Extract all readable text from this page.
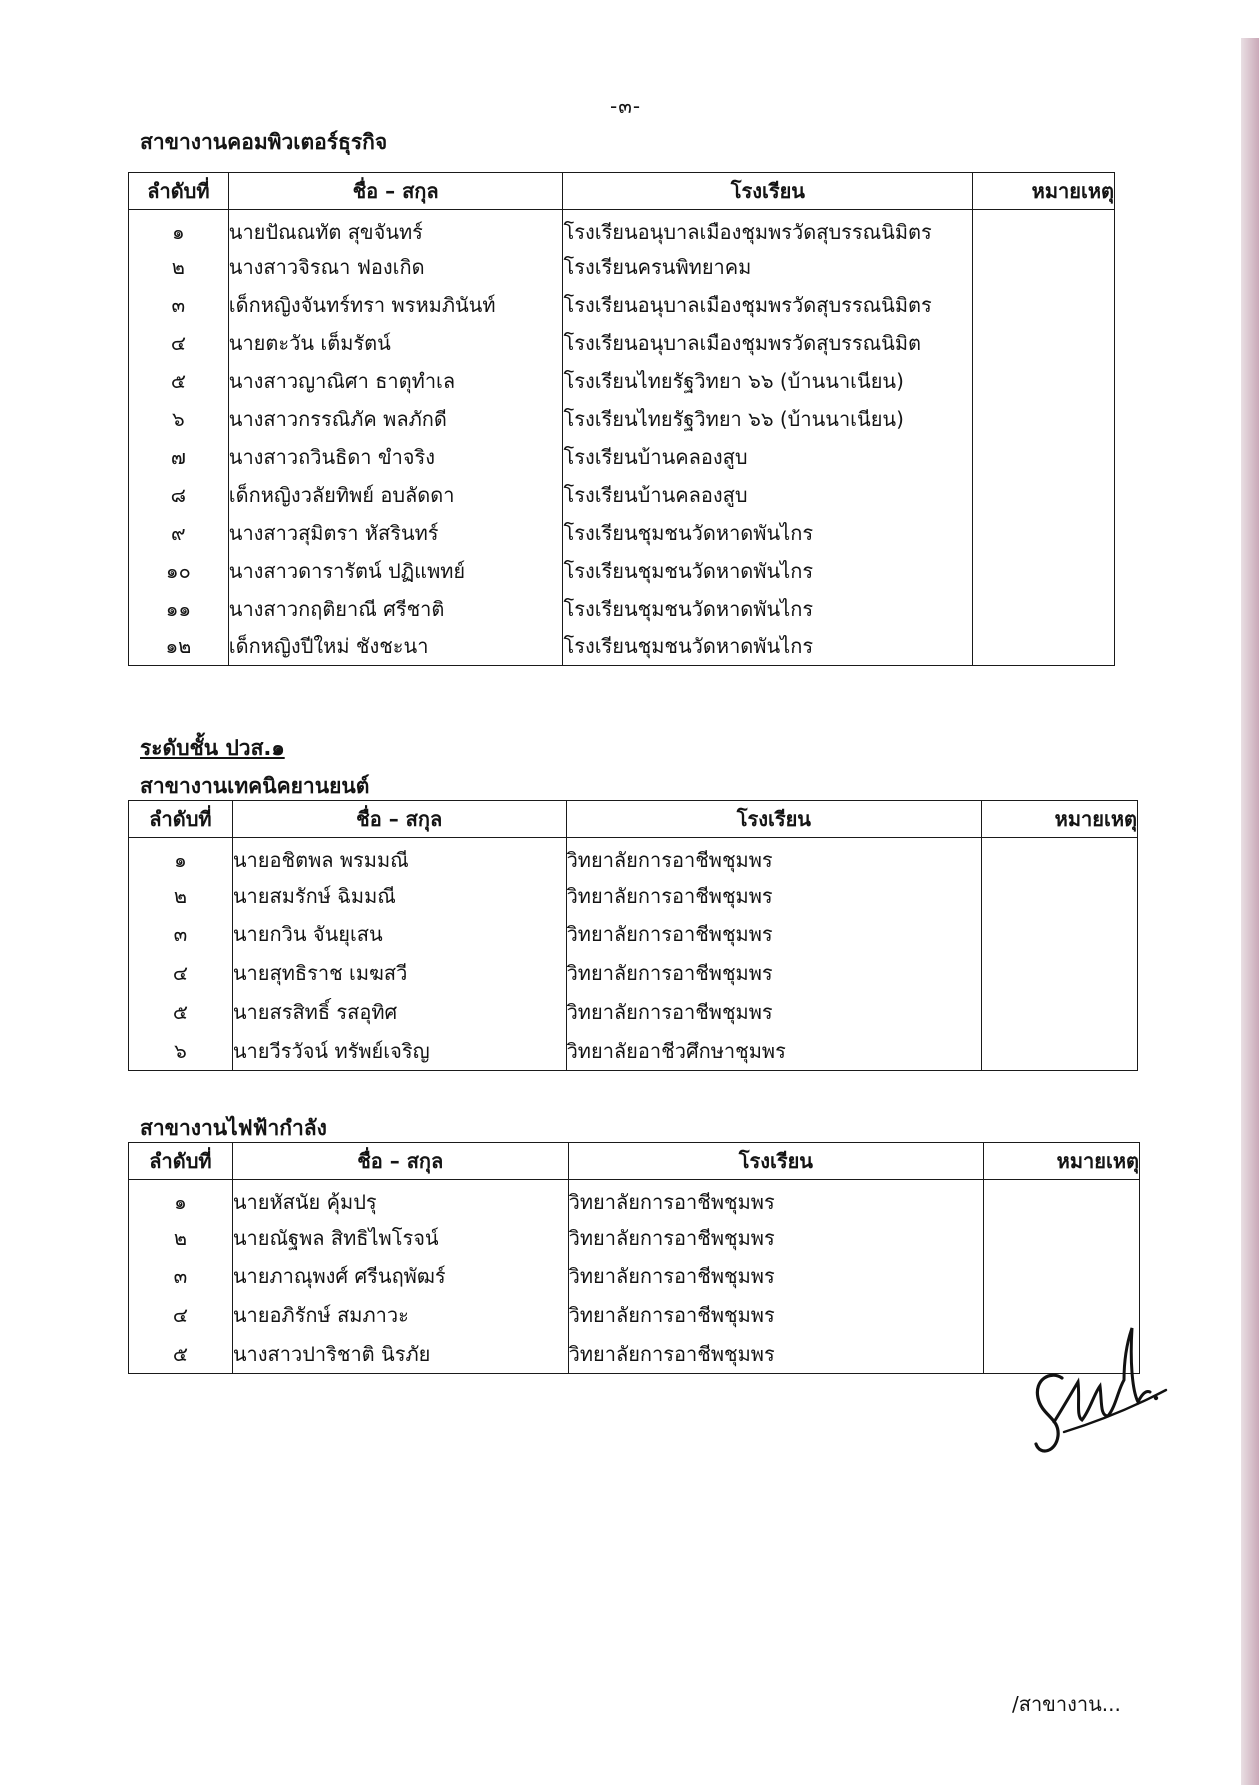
-๓-
สาขางานคอมพิวเตอร์ธุรกิจ
ลำดับที่	ชื่อ – สกุล	โรงเรียน	หมายเหตุ
๑	นายปัณณทัต สุขจันทร์	โรงเรียนอนุบาลเมืองชุมพรวัดสุบรรณนิมิตร	
๒	นางสาวจิรณา ฟองเกิด	โรงเรียนครนพิทยาคม	
๓	เด็กหญิงจันทร์ทรา พรหมภินันท์	โรงเรียนอนุบาลเมืองชุมพรวัดสุบรรณนิมิตร	
๔	นายตะวัน เต็มรัตน์	โรงเรียนอนุบาลเมืองชุมพรวัดสุบรรณนิมิต	
๕	นางสาวญาณิศา ธาตุทำเล	โรงเรียนไทยรัฐวิทยา ๖๖ (บ้านนาเนียน)	
๖	นางสาวกรรณิภัค พลภักดี	โรงเรียนไทยรัฐวิทยา ๖๖ (บ้านนาเนียน)	
๗	นางสาวถวินธิดา ขำจริง	โรงเรียนบ้านคลองสูบ	
๘	เด็กหญิงวลัยทิพย์ อบลัดดา	โรงเรียนบ้านคลองสูบ	
๙	นางสาวสุมิตรา หัสรินทร์	โรงเรียนชุมชนวัดหาดพันไกร	
๑๐	นางสาวดารารัตน์ ปฏิแพทย์	โรงเรียนชุมชนวัดหาดพันไกร	
๑๑	นางสาวกฤติยาณี ศรีชาติ	โรงเรียนชุมชนวัดหาดพันไกร	
๑๒	เด็กหญิงปีใหม่ ชังชะนา	โรงเรียนชุมชนวัดหาดพันไกร	
ระดับชั้น ปวส.๑
สาขางานเทคนิคยานยนต์
ลำดับที่	ชื่อ – สกุล	โรงเรียน	หมายเหตุ
๑	นายอชิตพล พรมมณี	วิทยาลัยการอาชีพชุมพร	
๒	นายสมรักษ์ ฉิมมณี	วิทยาลัยการอาชีพชุมพร	
๓	นายกวิน จันยุเสน	วิทยาลัยการอาชีพชุมพร	
๔	นายสุทธิราช เมฆสวี	วิทยาลัยการอาชีพชุมพร	
๕	นายสรสิทธิ์ รสอุทิศ	วิทยาลัยการอาชีพชุมพร	
๖	นายวีรวัจน์ ทรัพย์เจริญ	วิทยาลัยอาชีวศึกษาชุมพร	
สาขางานไฟฟ้ากำลัง
ลำดับที่	ชื่อ – สกุล	โรงเรียน	หมายเหตุ
๑	นายหัสนัย คุ้มปรุ	วิทยาลัยการอาชีพชุมพร	
๒	นายณัฐพล สิทธิไพโรจน์	วิทยาลัยการอาชีพชุมพร	
๓	นายภาณุพงศ์ ศรีนฤพัฒร์	วิทยาลัยการอาชีพชุมพร	
๔	นายอภิรักษ์ สมภาวะ	วิทยาลัยการอาชีพชุมพร	
๕	นางสาวปาริชาติ นิรภัย	วิทยาลัยการอาชีพชุมพร	
/สาขางาน...
